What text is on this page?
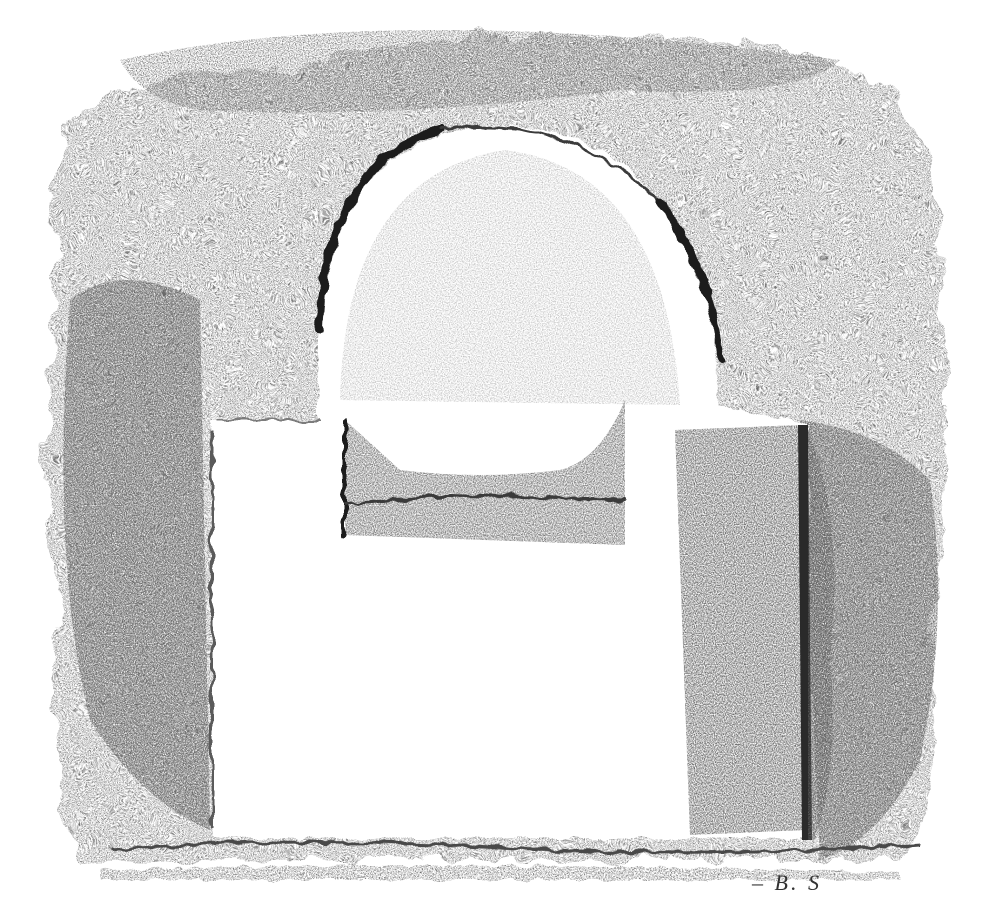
– B. S
